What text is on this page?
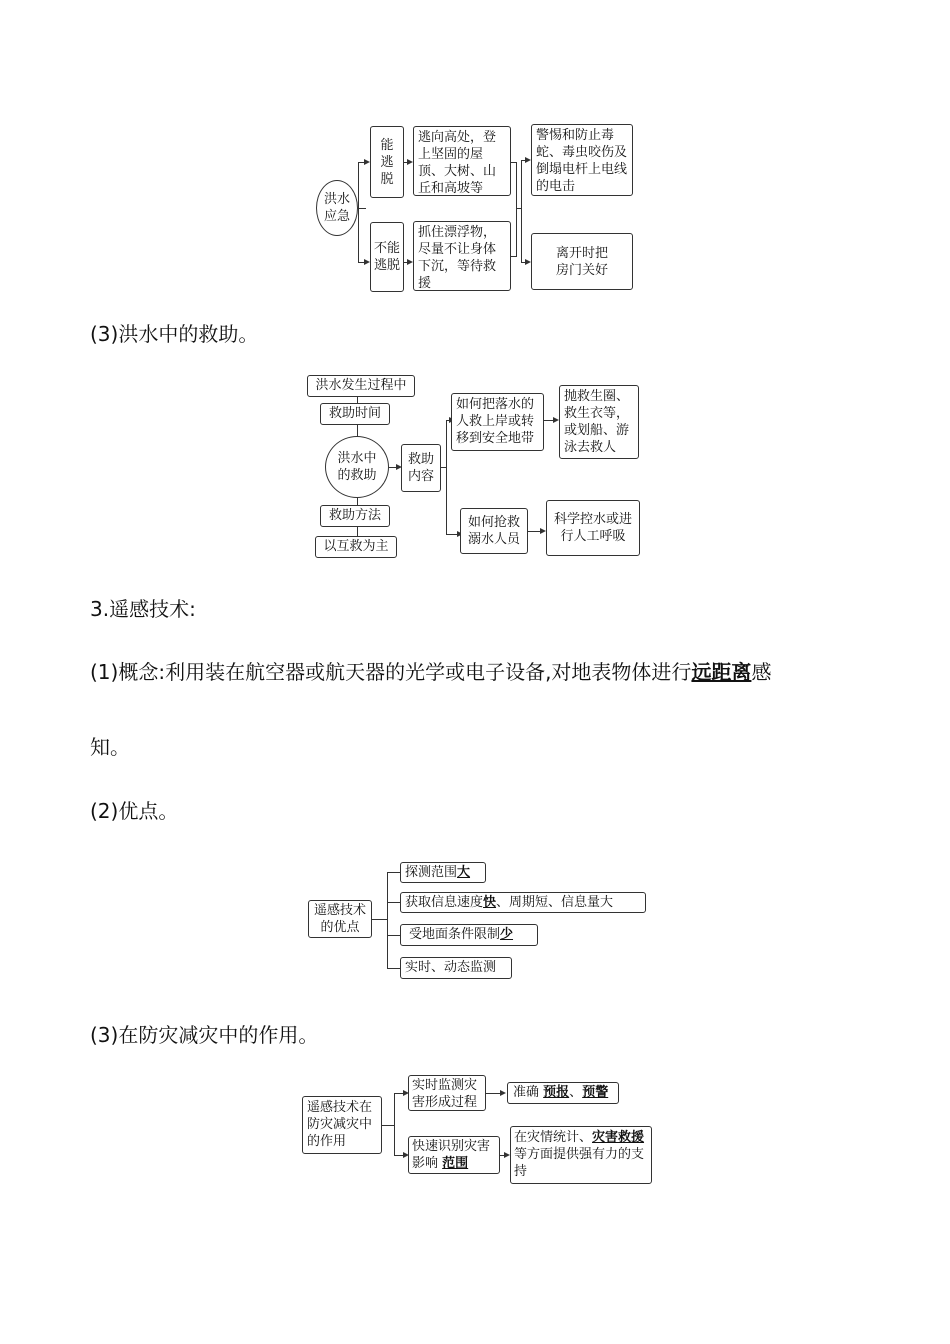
洪水应急
能逃脱
不能逃脱
逃向高处，登上坚固的屋顶、大树、山丘和高坡等
抓住漂浮物，尽量不让身体下沉，等待救援
警惕和防止毒蛇、毒虫咬伤及倒塌电杆上电线的电击
离开时把房门关好
(3)洪水中的救助。
洪水发生过程中
救助时间
洪水中的救助
救助方法
以互救为主
救助内容
如何把落水的人救上岸或转移到安全地带
抛救生圈、救生衣等，或划船、游泳去救人
如何抢救溺水人员
科学控水或进行人工呼吸
3.遥感技术:
(1)概念:利用装在航空器或航天器的光学或电子设备,对地表物体进行远距离感
知。
(2)优点。
遥感技术的优点
探测范围大
获取信息速度快、周期短、信息量大
受地面条件限制少
实时、动态监测
(3)在防灾减灾中的作用。
遥感技术在防灾减灾中的作用
实时监测灾害形成过程
准确 预报、预警
快速识别灾害影响 范围
在灾情统计、灾害救援等方面提供强有力的支持
